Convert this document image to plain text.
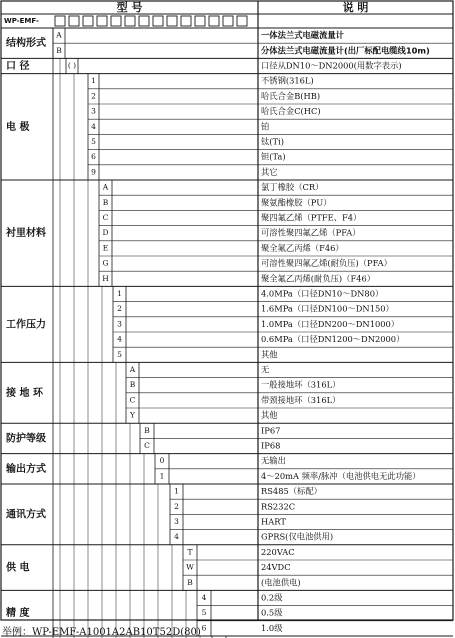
型 号	说 明
WP-EMF-
结构形式
A	一体法兰式电磁流量计
B	分体法兰式电磁流量计(出厂标配电缆线10m)
口 径	( )	口径从DN10～DN2000(用数字表示)
电 极
1	不锈钢(316L)
2	哈氏合金B(HB)
3	哈氏合金C(HC)
4	铂
5	钛(Ti)
6	钽(Ta)
9	其它
衬里材料
A	氯丁橡胶（CR）
B	聚氨酯橡胶（PU）
C	聚四氟乙烯（PTFE、F4）
D	可溶性聚四氟乙烯（PFA）
E	聚全氟乙丙烯（F46）
G	可溶性聚四氟乙烯(耐负压)（PFA）
H	聚全氟乙丙烯(耐负压)（F46）
工作压力
1	4.0MPa（口径DN10～DN80）
2	1.6MPa（口径DN100～DN150）
3	1.0MPa（口径DN200～DN1000）
4	0.6MPa（口径DN1200～DN2000）
5	其他
接 地 环
A	无
B	一般接地环（316L）
C	带颈接地环（316L）
Y	其他
防护等级
B	IP67
C	IP68
输出方式
0	无输出
1	4～20mA 频率/脉冲（电池供电无此功能）
通讯方式
1	RS485（标配）
2	RS232C
3	HART
4	GPRS(仅电池供用)
供 电
T	220VAC
W	24VDC
B	(电池供电)
精 度
4	0.2级
5	0.5级
6	1.0级
举例：WP-EMF-A1001A2AB10T52D(80)
